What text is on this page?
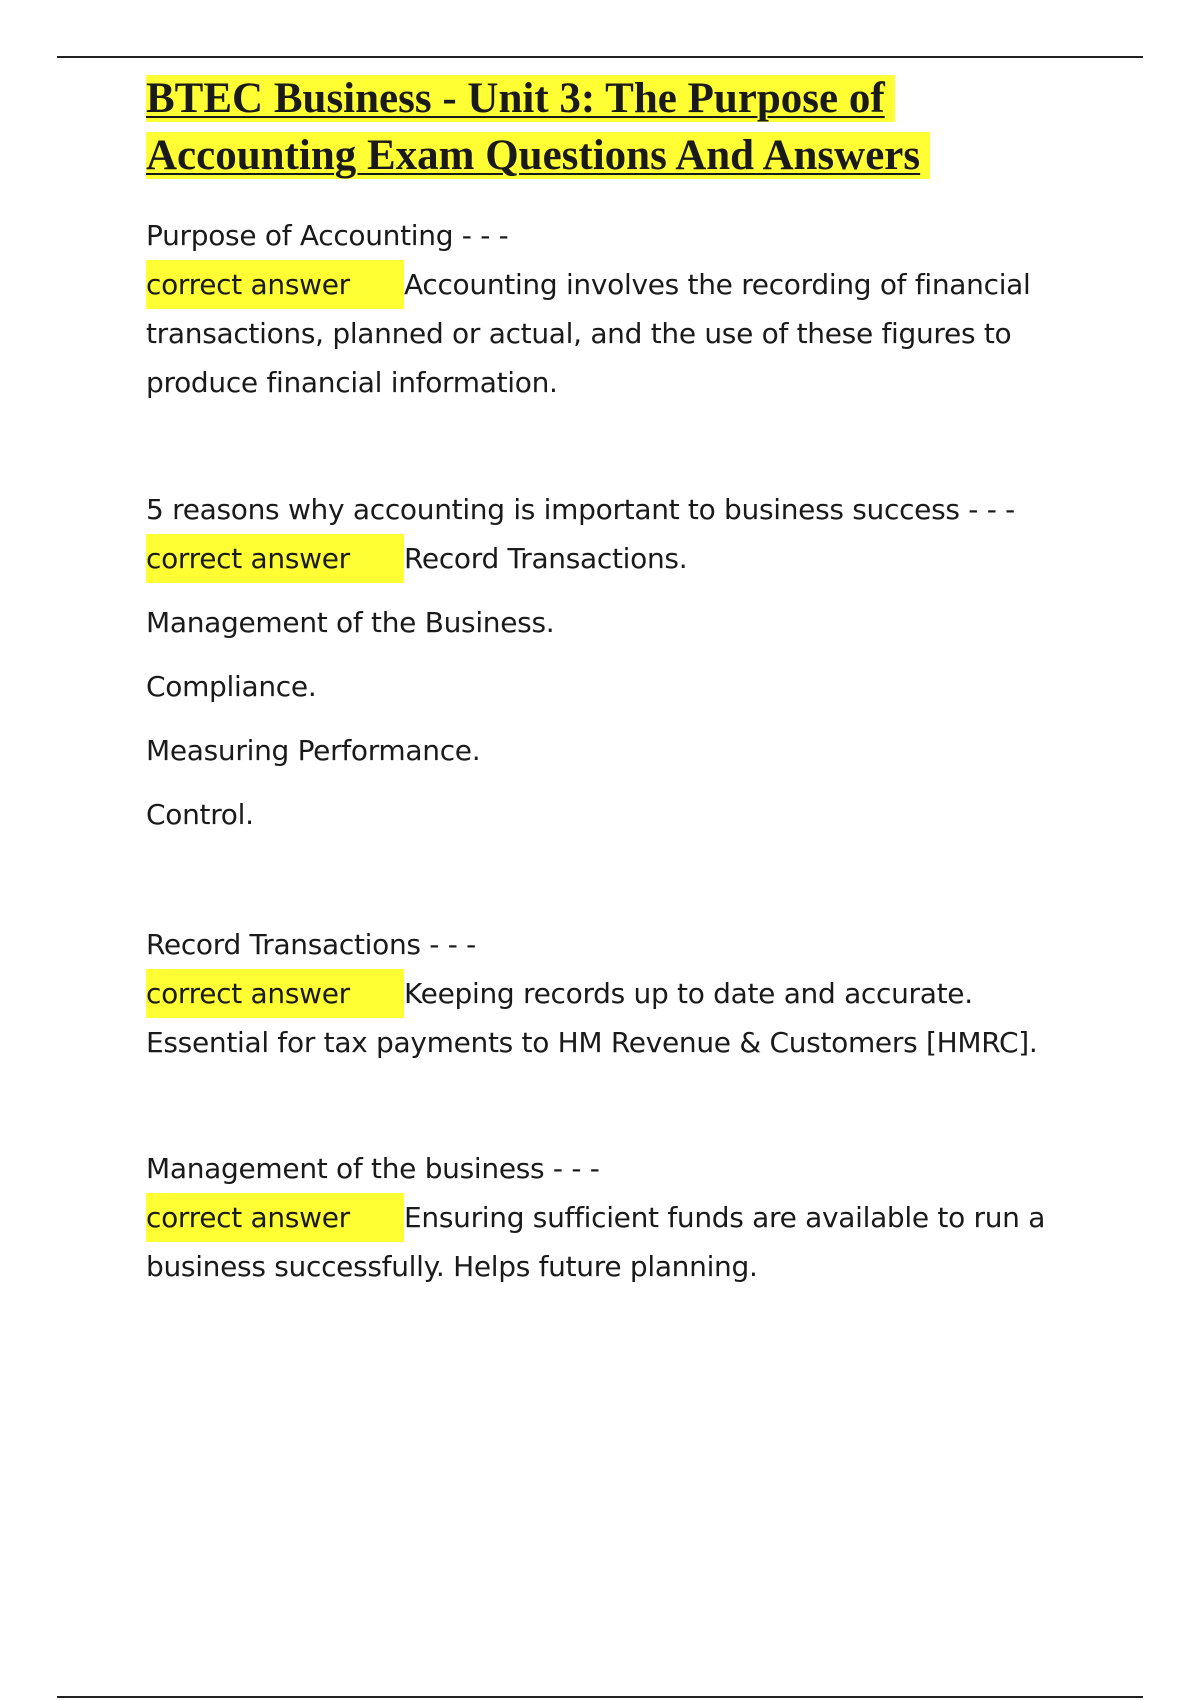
BTEC Business - Unit 3: The Purpose of
Accounting Exam Questions And Answers
Purpose of Accounting - - -
correct answer Accounting involves the recording of financial transactions, planned or actual, and the use of these figures to produce financial information.
5 reasons why accounting is important to business success - - -
correct answer Record Transactions.
Management of the Business.
Compliance.
Measuring Performance.
Control.
Record Transactions - - -
correct answer Keeping records up to date and accurate. Essential for tax payments to HM Revenue & Customers [HMRC].
Management of the business - - -
correct answer Ensuring sufficient funds are available to run a business successfully. Helps future planning.
